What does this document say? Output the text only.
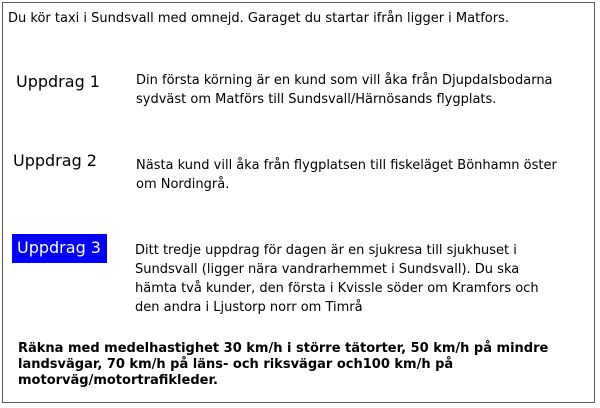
Du kör taxi i Sundsvall med omnejd. Garaget du startar ifrån ligger i Matfors.
Uppdrag 1	Din första körning är en kund som vill åka från Djupdalsbodarna sydväst om Matförs till Sundsvall/Härnösands flygplats.
Uppdrag 2	Nästa kund vill åka från flygplatsen till fiskeläget Bönhamn öster om Nordingrå.
Uppdrag 3	Ditt tredje uppdrag för dagen är en sjukresa till sjukhuset i Sundsvall (ligger nära vandrarhemmet i Sundsvall). Du ska hämta två kunder, den första i Kvissle söder om Kramfors och den andra i Ljustorp norr om Timrå
Räkna med medelhastighet 30 km/h i större tätorter, 50 km/h på mindre landsvägar, 70 km/h på läns- och riksvägar och100 km/h på motorväg/motortrafikleder.
